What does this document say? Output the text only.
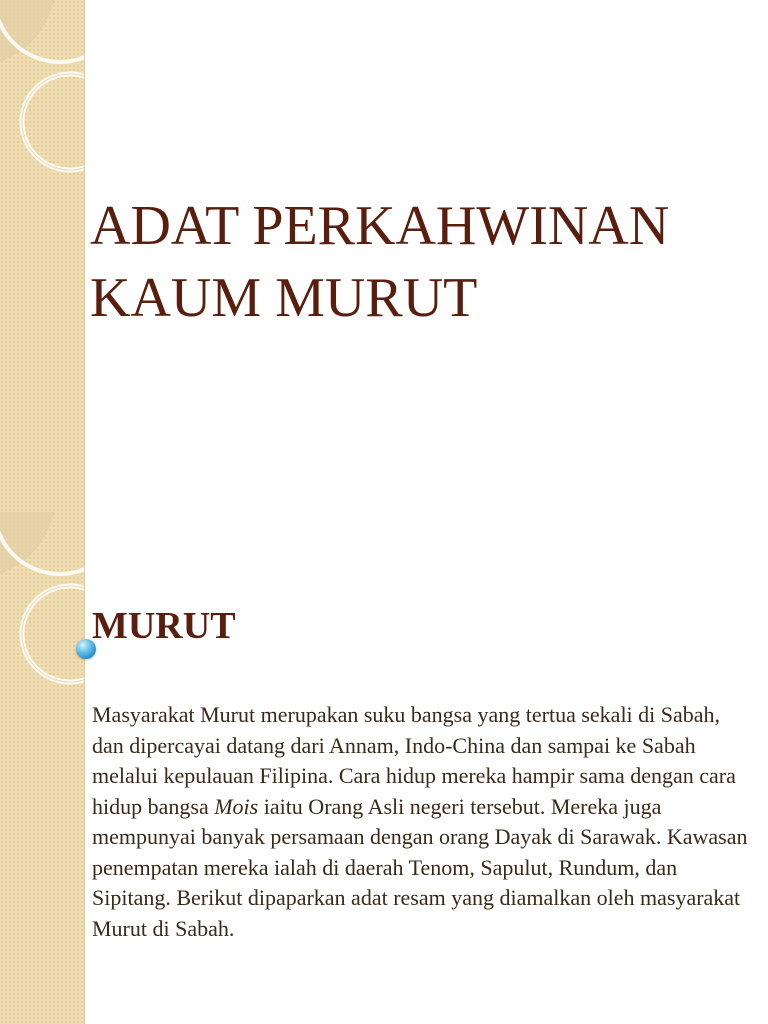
ADAT PERKAHWINAN
KAUM MURUT
MURUT

Masyarakat Murut merupakan suku bangsa yang tertua sekali di Sabah, dan dipercayai datang dari Annam, Indo-China dan sampai ke Sabah melalui kepulauan Filipina. Cara hidup mereka hampir sama dengan cara hidup bangsa Mois iaitu Orang Asli negeri tersebut. Mereka juga mempunyai banyak persamaan dengan orang Dayak di Sarawak. Kawasan penempatan mereka ialah di daerah Tenom, Sapulut, Rundum, dan Sipitang. Berikut dipaparkan adat resam yang diamalkan oleh masyarakat Murut di Sabah.
